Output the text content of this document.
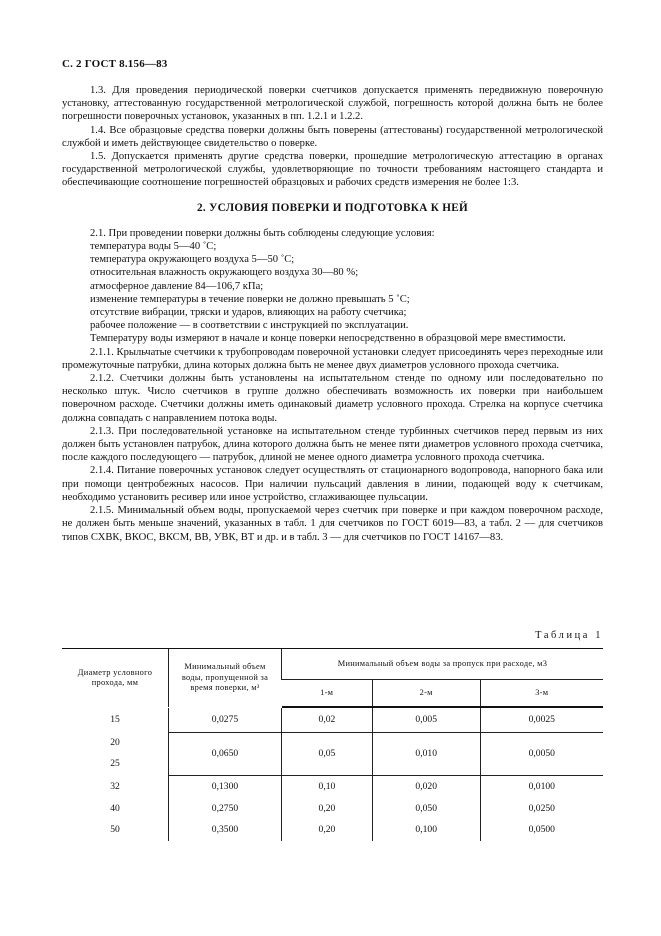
С. 2 ГОСТ 8.156—83

1.3. Для проведения периодической поверки счетчиков допускается применять передвижную поверочную установку, аттестованную государственной метрологической службой, погрешность которой должна быть не более погрешности поверочных установок, указанных в пп. 1.2.1 и 1.2.2.

1.4. Все образцовые средства поверки должны быть поверены (аттестованы) государственной метрологической службой и иметь действующее свидетельство о поверке.

1.5. Допускается применять другие средства поверки, прошедшие метрологическую аттестацию в органах государственной метрологической службы, удовлетворяющие по точности требованиям настоящего стандарта и обеспечивающие соотношение погрешностей образцовых и рабочих средств измерения не более 1:3.

2. УСЛОВИЯ ПОВЕРКИ И ПОДГОТОВКА К НЕЙ

2.1. При проведении поверки должны быть соблюдены следующие условия:

температура воды 5—40 ˚С;

температура окружающего воздуха 5—50 ˚С;

относительная влажность окружающего воздуха 30—80 %;

атмосферное давление 84—106,7 кПа;

изменение температуры в течение поверки не должно превышать 5 ˚С;

отсутствие вибрации, тряски и ударов, влияющих на работу счетчика;

рабочее положение — в соответствии с инструкцией по эксплуатации.

Температуру воды измеряют в начале и конце поверки непосредственно в образцовой мере вместимости.

2.1.1. Крыльчатые счетчики к трубопроводам поверочной установки следует присоединять через переходные или промежуточные патрубки, длина которых должна быть не менее двух диаметров условного прохода счетчика.

2.1.2. Счетчики должны быть установлены на испытательном стенде по одному или последовательно по несколько штук. Число счетчиков в группе должно обеспечивать возможность их поверки при наибольшем поверочном расходе. Счетчики должны иметь одинаковый диаметр условного прохода. Стрелка на корпусе счетчика должна совпадать с направлением потока воды.

2.1.3. При последовательной установке на испытательном стенде турбинных счетчиков перед первым из них должен быть установлен патрубок, длина которого должна быть не менее пяти диаметров условного прохода счетчика, после каждого последующего — патрубок, длиной не менее одного диаметра условного прохода счетчика.

2.1.4. Питание поверочных установок следует осуществлять от стационарного водопровода, напорного бака или при помощи центробежных насосов. При наличии пульсаций давления в линии, подающей воду к счетчикам, необходимо установить ресивер или иное устройство, сглаживающее пульсации.

2.1.5. Минимальный объем воды, пропускаемой через счетчик при поверке и при каждом поверочном расходе, не должен быть меньше значений, указанных в табл. 1 для счетчиков по ГОСТ 6019—83, а табл. 2 — для счетчиков типов СХВК, ВКОС, ВКСМ, ВВ, УВК, ВТ и др. и в табл. 3 — для счетчиков по ГОСТ 14167—83.

Таблица 1
Диаметр условного прохода, мм	Минимальный объем воды, пропущенной за время поверки, м³	Минимальный объем воды за пропуск при расходе, м3		
		1-м	2-м	3-м

15	0,0275	0,02	0,005	0,0025
20	0,0650	0,05	0,010	0,0050
25				
32	0,1300	0,10	0,020	0,0100
40	0,2750	0,20	0,050	0,0250
50	0,3500	0,20	0,100	0,0500
